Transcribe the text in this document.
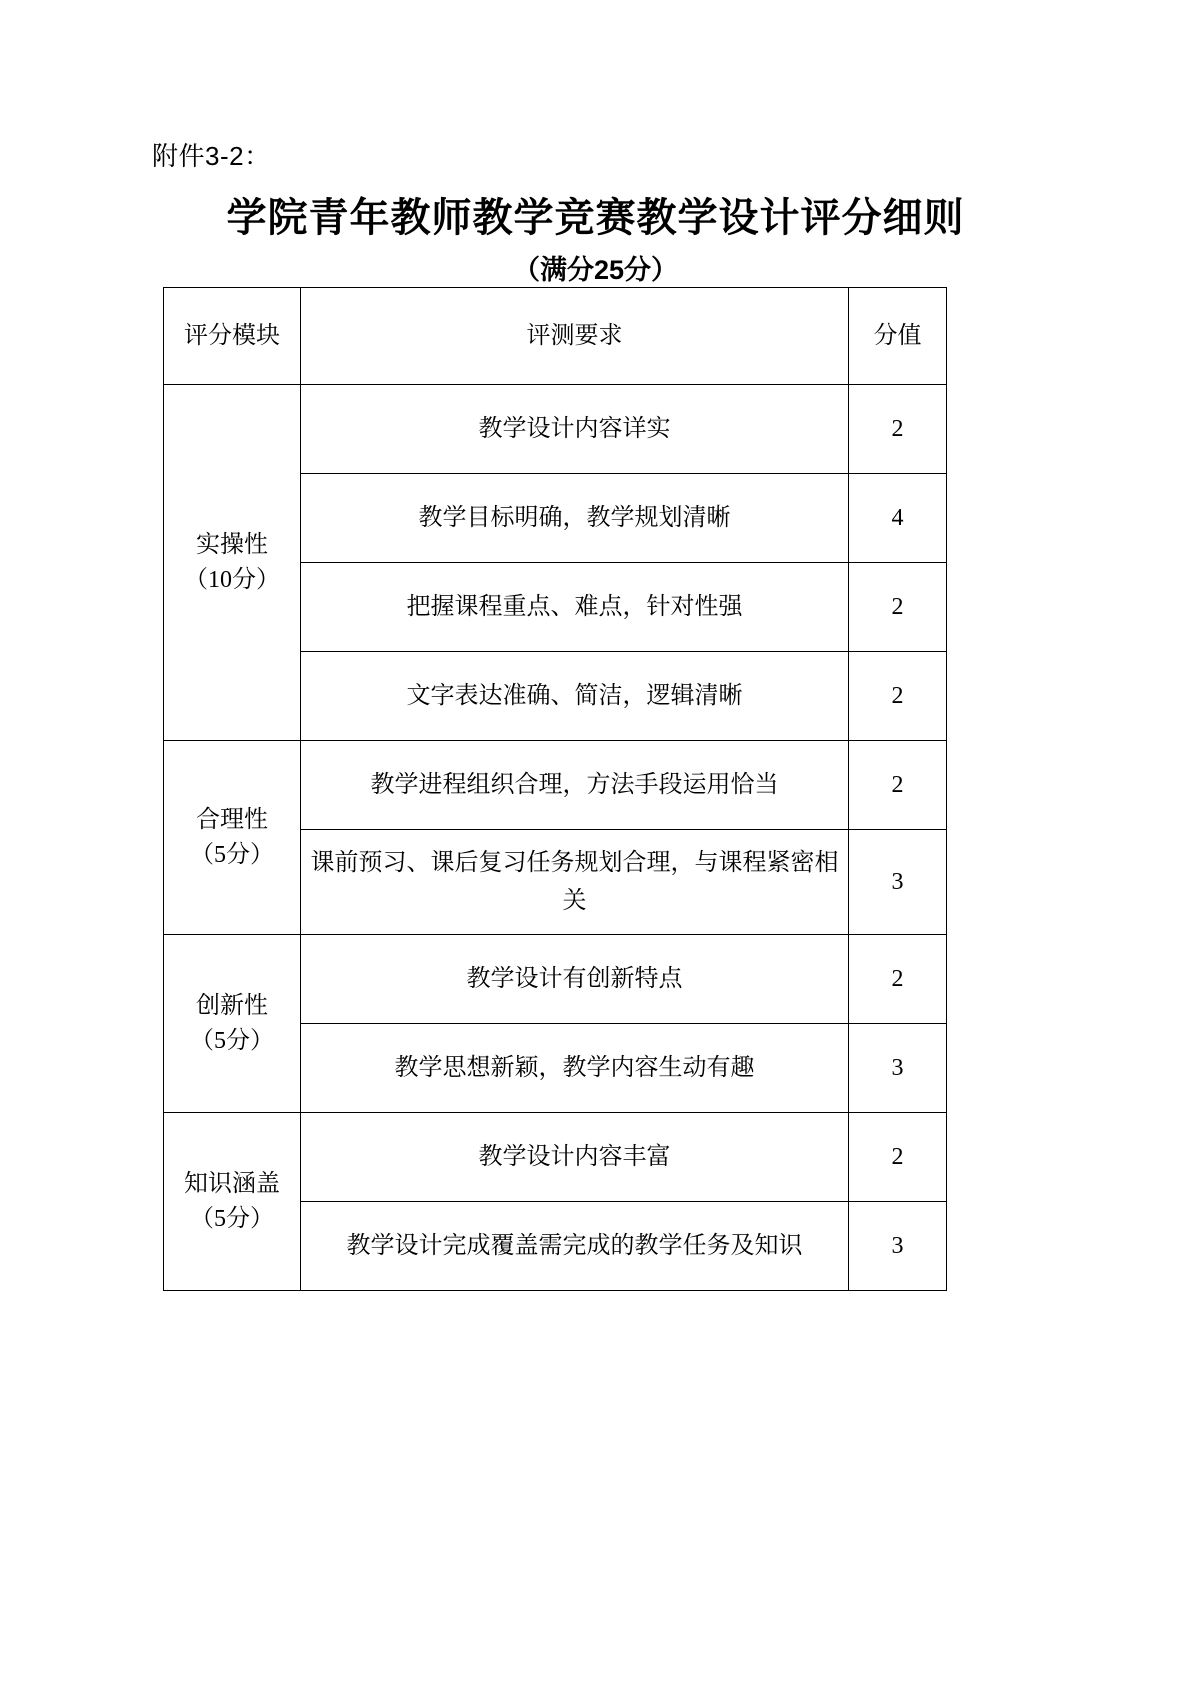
附件3-2：
学院青年教师教学竞赛教学设计评分细则
（满分25分）
评分模块	评测要求	分值

实操性
（10分）	教学设计内容详实	2
	教学目标明确，教学规划清晰	4
	把握课程重点、难点，针对性强	2
	文字表达准确、简洁，逻辑清晰	2

合理性
（5分）	教学进程组织合理，方法手段运用恰当	2
	课前预习、课后复习任务规划合理，与课程紧密相关	3

创新性
（5分）	教学设计有创新特点	2
	教学思想新颖，教学内容生动有趣	3

知识涵盖
（5分）	教学设计内容丰富	2
	教学设计完成覆盖需完成的教学任务及知识	3
